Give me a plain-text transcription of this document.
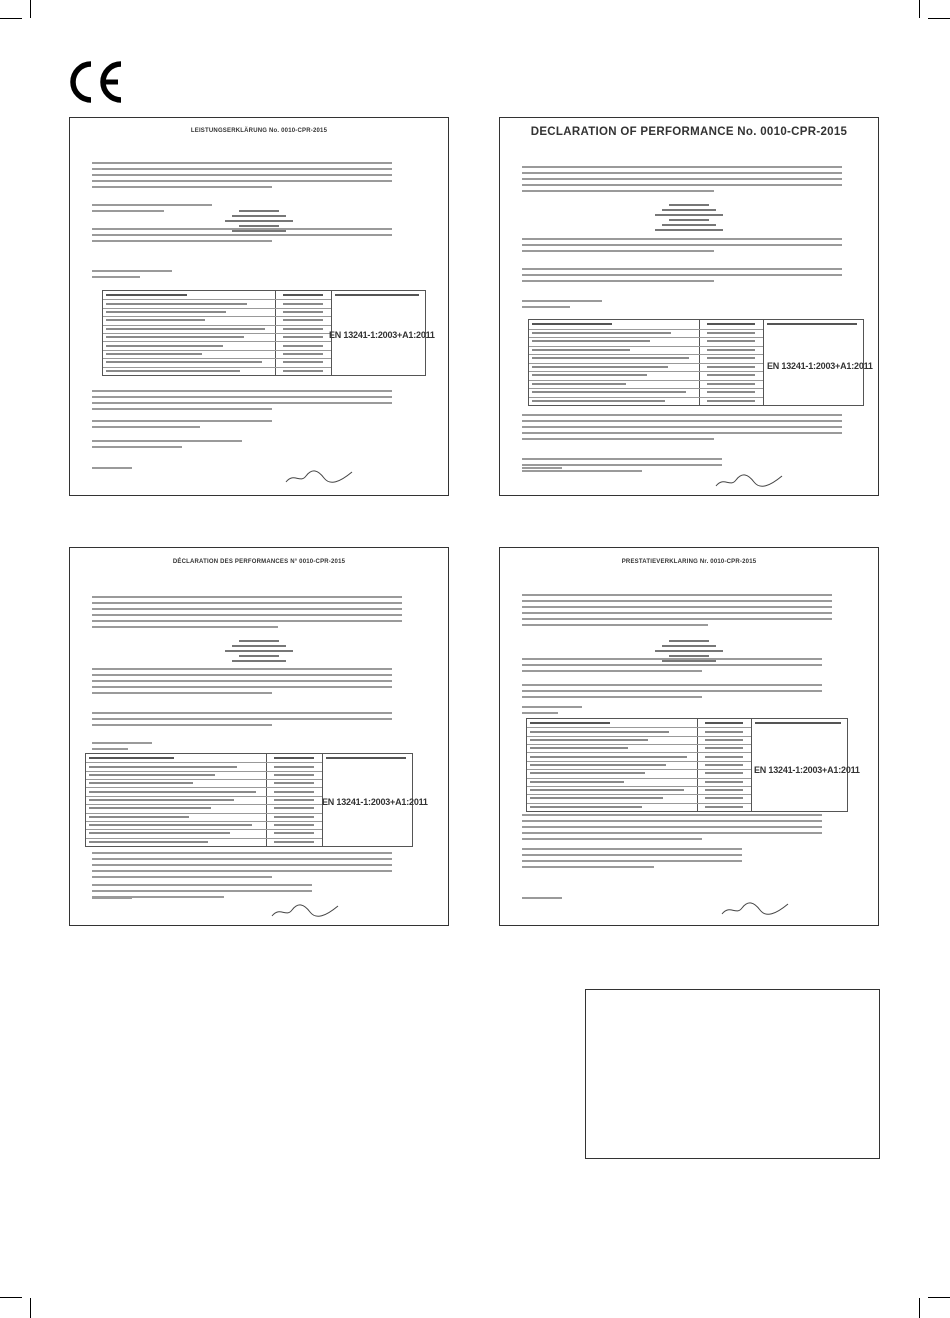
LEISTUNGSERKLÄRUNG No. 0010-CPR-2015
EN 13241-1:2003+A1:2011
DECLARATION OF PERFORMANCE No. 0010-CPR-2015
EN 13241-1:2003+A1:2011
DÉCLARATION DES PERFORMANCES N° 0010-CPR-2015
EN 13241-1:2003+A1:2011
PRESTATIEVERKLARING Nr. 0010-CPR-2015
EN 13241-1:2003+A1:2011
